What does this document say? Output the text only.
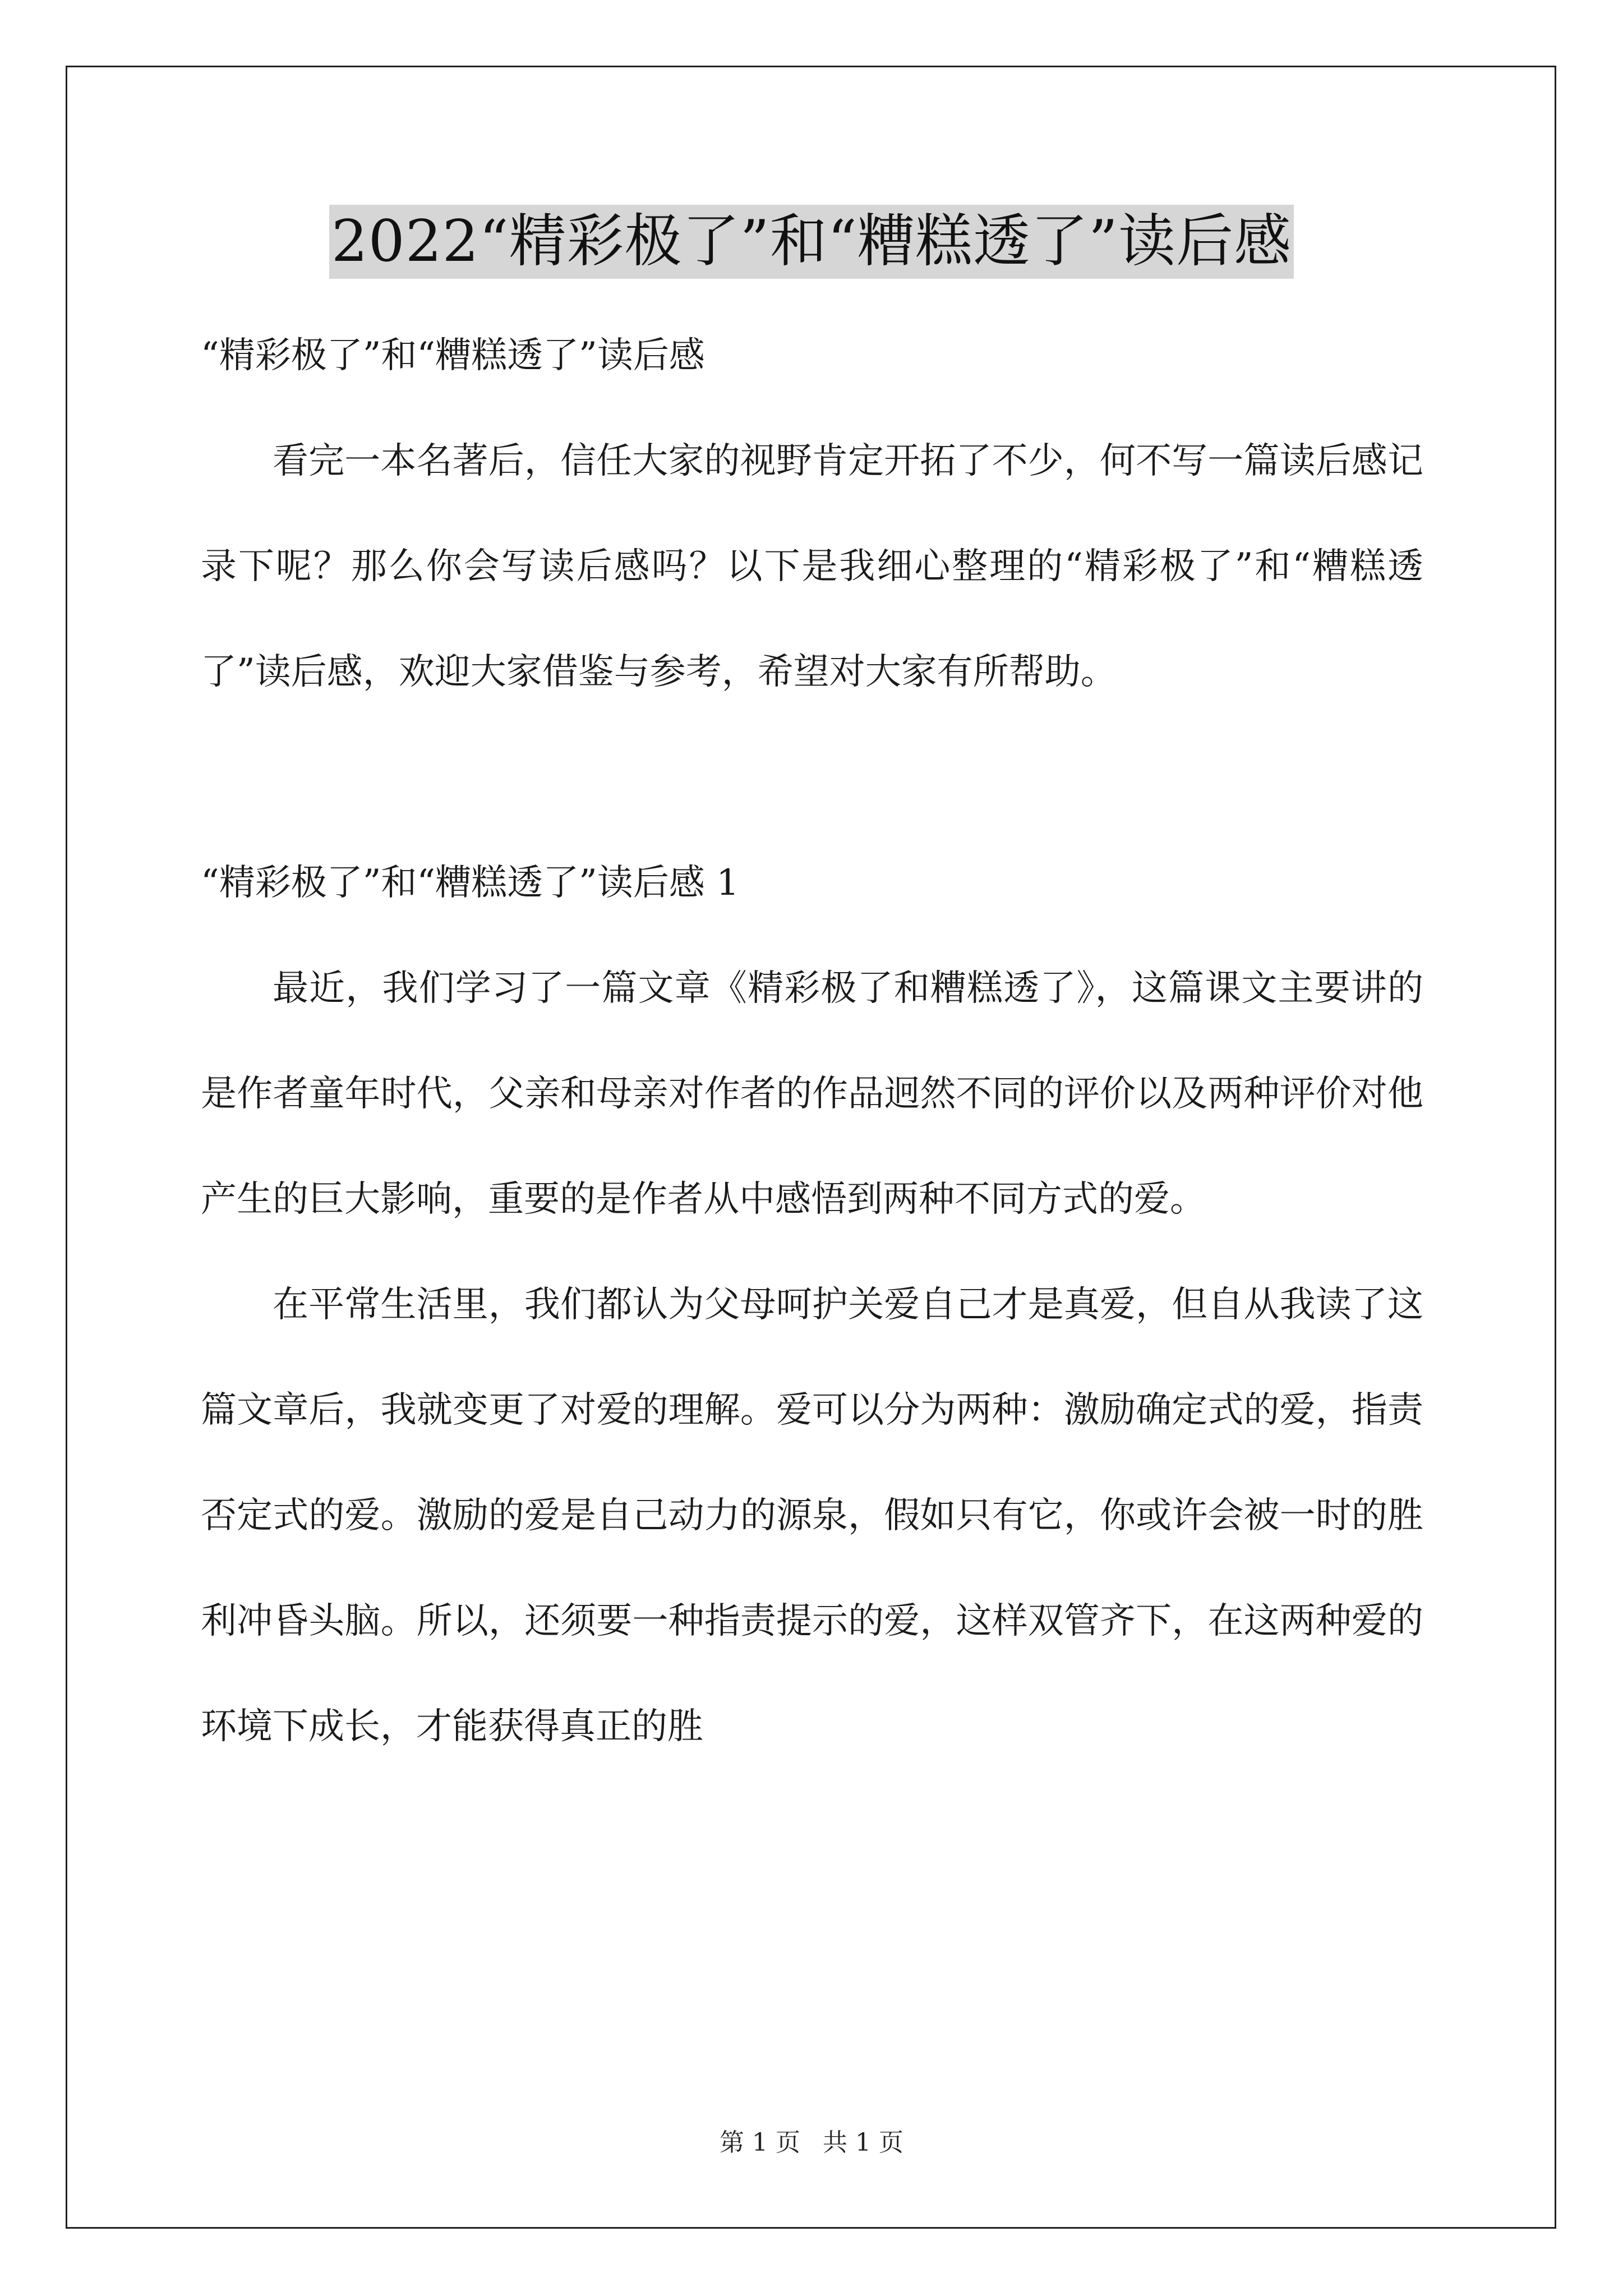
2022“精彩极了”和“糟糕透了”读后感

“精彩极了”和“糟糕透了”读后感

看完一本名著后，信任大家的视野肯定开拓了不少，何不写一篇读后感记录下呢？那么你会写读后感吗？以下是我细心整理的“精彩极了”和“糟糕透了”读后感，欢迎大家借鉴与参考，希望对大家有所帮助。

“精彩极了”和“糟糕透了”读后感 1

最近，我们学习了一篇文章《精彩极了和糟糕透了》，这篇课文主要讲的是作者童年时代，父亲和母亲对作者的作品迥然不同的评价以及两种评价对他产生的巨大影响，重要的是作者从中感悟到两种不同方式的爱。

在平常生活里，我们都认为父母呵护关爱自己才是真爱，但自从我读了这篇文章后，我就变更了对爱的理解。爱可以分为两种：激励确定式的爱，指责否定式的爱。激励的爱是自己动力的源泉，假如只有它，你或许会被一时的胜利冲昏头脑。所以，还须要一种指责提示的爱，这样双管齐下，在这两种爱的环境下成长，才能获得真正的胜

第 1 页 共 1 页
